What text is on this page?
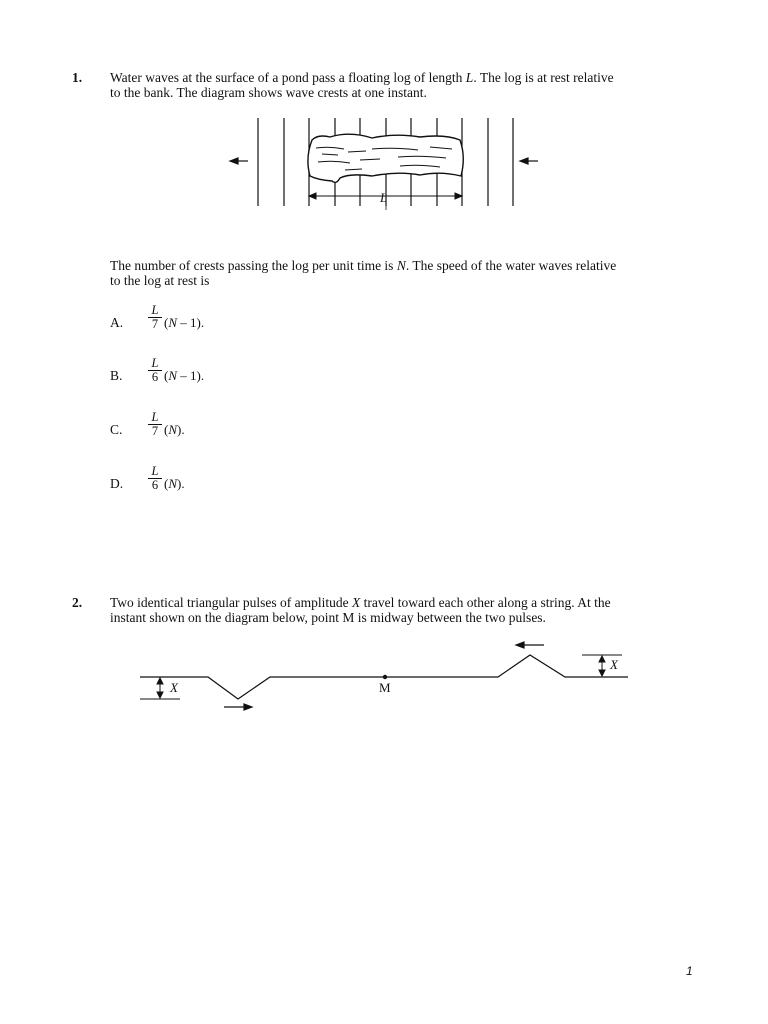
1. Water waves at the surface of a pond pass a floating log of length L. The log is at rest relative
to the bank. The diagram shows wave crests at one instant.
L
M
X
X
The number of crests passing the log per unit time is N. The speed of the water waves relative
to the log at rest is
A. $\frac{L}{7} (N - 1)$.
B. $\frac{L}{6} (N - 1)$.
C. $\frac{L}{7} (N)$.
D. $\frac{L}{6} (N)$.
2. Two identical triangular pulses of amplitude X travel toward each other along a string. At the
instant shown on the diagram below, point M is midway between the two pulses.
1
